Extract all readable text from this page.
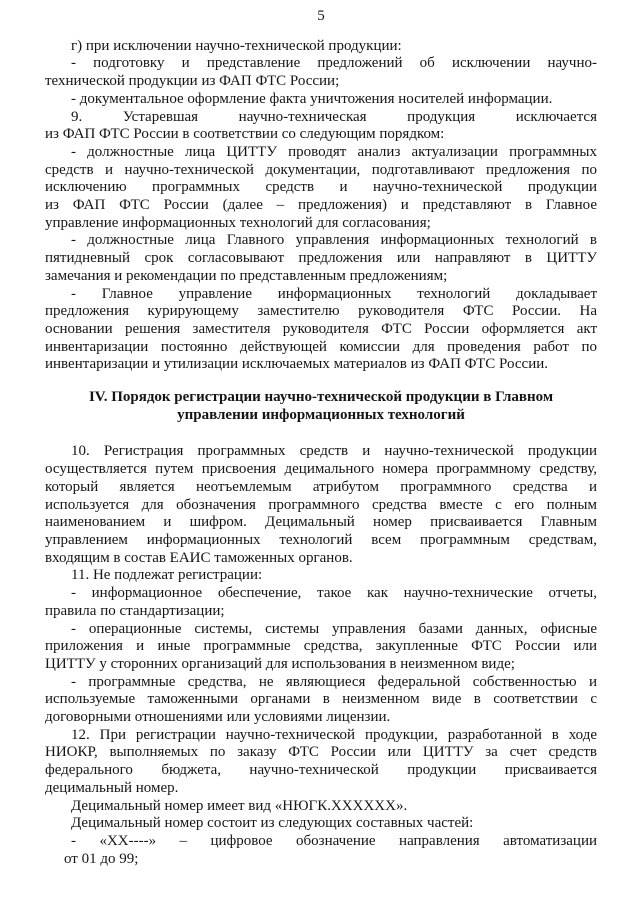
5
г) при исключении научно-технической продукции:
- подготовку и представление предложений об исключении научно-
технической продукции из ФАП ФТС России;
- документальное оформление факта уничтожения носителей информации.
9. Устаревшая научно-техническая продукция исключается
из ФАП ФТС России в соответствии со следующим порядком:
- должностные лица ЦИТТУ проводят анализ актуализации программных
средств и научно-технической документации, подготавливают предложения по
исключению программных средств и научно-технической продукции
из ФАП ФТС России (далее – предложения) и представляют в Главное
управление информационных технологий для согласования;
- должностные лица Главного управления информационных технологий в
пятидневный срок согласовывают предложения или направляют в ЦИТТУ
замечания и рекомендации по представленным предложениям;
- Главное управление информационных технологий докладывает
предложения курирующему заместителю руководителя ФТС России. На
основании решения заместителя руководителя ФТС России оформляется акт
инвентаризации постоянно действующей комиссии для проведения работ по
инвентаризации и утилизации исключаемых материалов из ФАП ФТС России.
IV. Порядок регистрации научно-технической продукции в Главном
управлении информационных технологий
10. Регистрация программных средств и научно-технической продукции
осуществляется путем присвоения децимального номера программному средству,
который является неотъемлемым атрибутом программного средства и
используется для обозначения программного средства вместе с его полным
наименованием и шифром. Децимальный номер присваивается Главным
управлением информационных технологий всем программным средствам,
входящим в состав ЕАИС таможенных органов.
11. Не подлежат регистрации:
- информационное обеспечение, такое как научно-технические отчеты,
правила по стандартизации;
- операционные системы, системы управления базами данных, офисные
приложения и иные программные средства, закупленные ФТС России или
ЦИТТУ у сторонних организаций для использования в неизменном виде;
- программные средства, не являющиеся федеральной собственностью и
используемые таможенными органами в неизменном виде в соответствии с
договорными отношениями или условиями лицензии.
12. При регистрации научно-технической продукции, разработанной в ходе
НИОКР, выполняемых по заказу ФТС России или ЦИТТУ за счет средств
федерального бюджета, научно-технической продукции присваивается
децимальный номер.
Децимальный номер имеет вид «НЮГК.ХХХХХХ».
Децимальный номер состоит из следующих составных частей:
- «ХХ----» – цифровое обозначение направления автоматизации
от 01 до 99;
